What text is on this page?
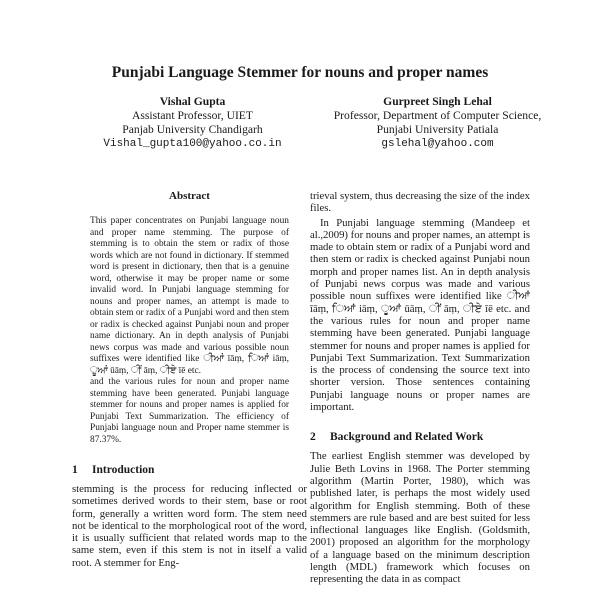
Punjabi Language Stemmer for nouns and proper names
Vishal Gupta
Assistant Professor, UIET
Panjab University Chandigarh
Vishal_gupta100@yahoo.co.in
Gurpreet Singh Lehal
Professor, Department of Computer Science,
Punjabi University Patiala
gslehal@yahoo.com
Abstract

This paper concentrates on Punjabi language noun and proper name stemming. The purpose of stemming is to obtain the stem or radix of those words which are not found in dictionary. If stemmed word is present in dictionary, then that is a genuine word, otherwise it may be proper name or some invalid word. In Punjabi language stemming for nouns and proper names, an attempt is made to obtain stem or radix of a Punjabi word and then stem or radix is checked against Punjabi noun and proper name dictionary. An in depth analysis of Punjabi news corpus was made and various possible noun suffixes were identified like ੀਆਂ īāṃ, ਿਆਂ iāṃ, ੂਆਂ ūāṃ, ੀਂ āṃ, ੀਏ īē etc.

and the various rules for noun and proper name stemming have been generated. Punjabi language stemmer for nouns and proper names is applied for Punjabi Text Summarization. The efficiency of Punjabi language noun and Proper name stemmer is 87.37%.

1 Introduction

stemming is the process for reducing inflected or sometimes derived words to their stem, base or root form, generally a written word form. The stem need not be identical to the morphological root of the word, it is usually sufficient that related words map to the same stem, even if this stem is not in itself a valid root. A stemmer for Eng-

trieval system, thus decreasing the size of the index files.

In Punjabi language stemming (Mandeep et al.,2009) for nouns and proper names, an attempt is made to obtain stem or radix of a Punjabi word and then stem or radix is checked against Punjabi noun morph and proper names list. An in depth analysis of Punjabi news corpus was made and various possible noun suffixes were identified like ੀਆਂ īāṃ, ਿਆਂ iāṃ, ੂਆਂ ūāṃ, ੀਂ āṃ, ੀਏ īē etc. and the various rules for noun and proper name stemming have been generated. Punjabi language stemmer for nouns and proper names is applied for Punjabi Text Summarization. Text Summarization is the process of condensing the source text into shorter version. Those sentences containing Punjabi language nouns or proper names are important.

2 Background and Related Work

The earliest English stemmer was developed by Julie Beth Lovins in 1968. The Porter stemming algorithm (Martin Porter, 1980), which was published later, is perhaps the most widely used algorithm for English stemming. Both of these stemmers are rule based and are best suited for less inflectional languages like English. (Goldsmith, 2001) proposed an algorithm for the morphology of a language based on the minimum description length (MDL) framework which focuses on representing the data in as compact
